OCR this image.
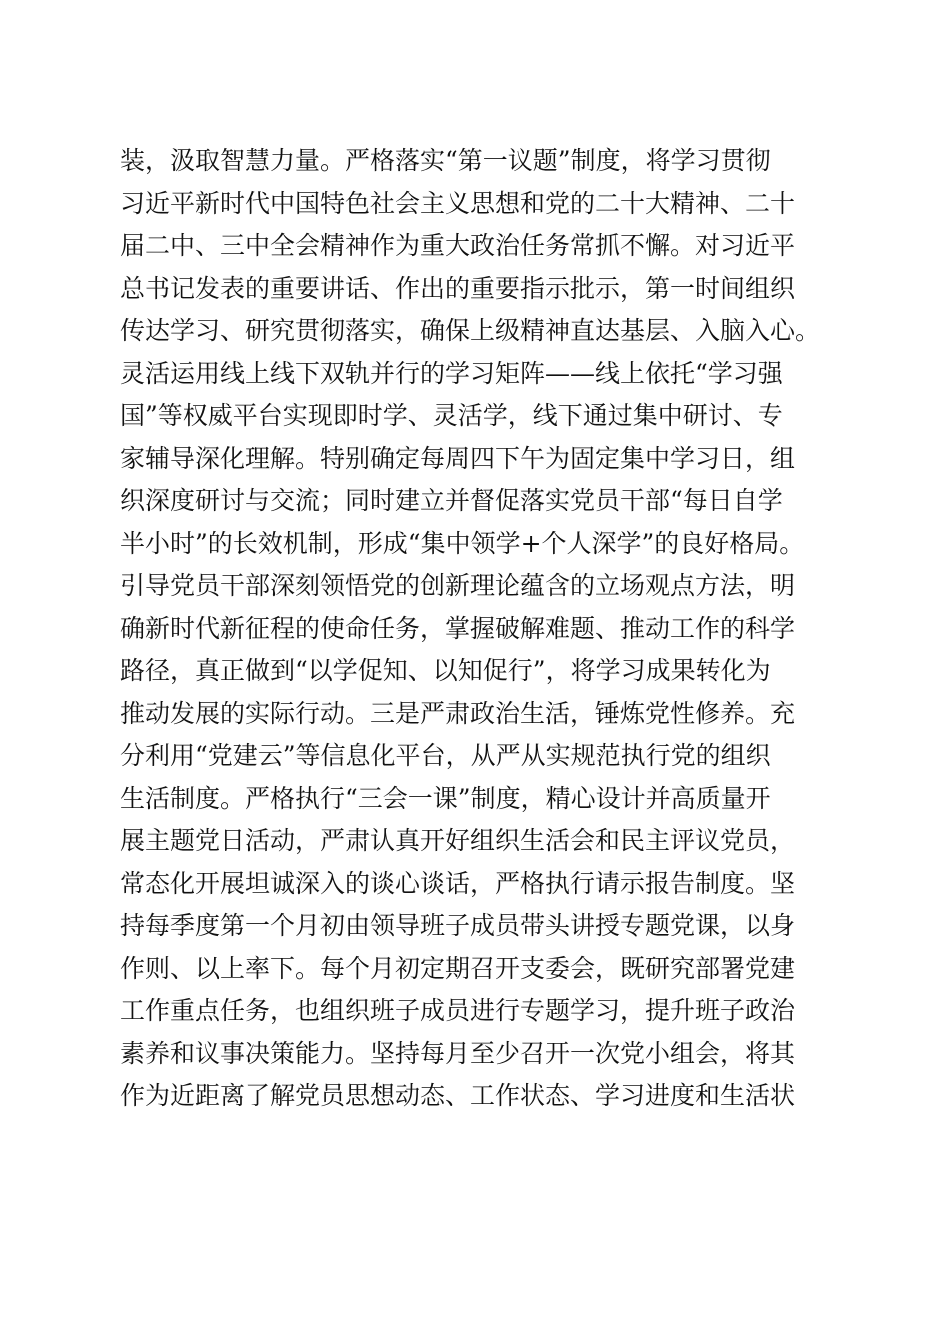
装，汲取智慧力量。严格落实“第一议题”制度，将学习贯彻
习近平新时代中国特色社会主义思想和党的二十大精神、二十
届二中、三中全会精神作为重大政治任务常抓不懈。对习近平
总书记发表的重要讲话、作出的重要指示批示，第一时间组织
传达学习、研究贯彻落实，确保上级精神直达基层、入脑入心。
灵活运用线上线下双轨并行的学习矩阵——线上依托“学习强
国”等权威平台实现即时学、灵活学，线下通过集中研讨、专
家辅导深化理解。特别确定每周四下午为固定集中学习日，组
织深度研讨与交流；同时建立并督促落实党员干部“每日自学
半小时”的长效机制，形成“集中领学+个人深学”的良好格局。
引导党员干部深刻领悟党的创新理论蕴含的立场观点方法，明
确新时代新征程的使命任务，掌握破解难题、推动工作的科学
路径，真正做到“以学促知、以知促行”，将学习成果转化为
推动发展的实际行动。三是严肃政治生活，锤炼党性修养。充
分利用“党建云”等信息化平台，从严从实规范执行党的组织
生活制度。严格执行“三会一课”制度，精心设计并高质量开
展主题党日活动，严肃认真开好组织生活会和民主评议党员，
常态化开展坦诚深入的谈心谈话，严格执行请示报告制度。坚
持每季度第一个月初由领导班子成员带头讲授专题党课，以身
作则、以上率下。每个月初定期召开支委会，既研究部署党建
工作重点任务，也组织班子成员进行专题学习，提升班子政治
素养和议事决策能力。坚持每月至少召开一次党小组会，将其
作为近距离了解党员思想动态、工作状态、学习进度和生活状
